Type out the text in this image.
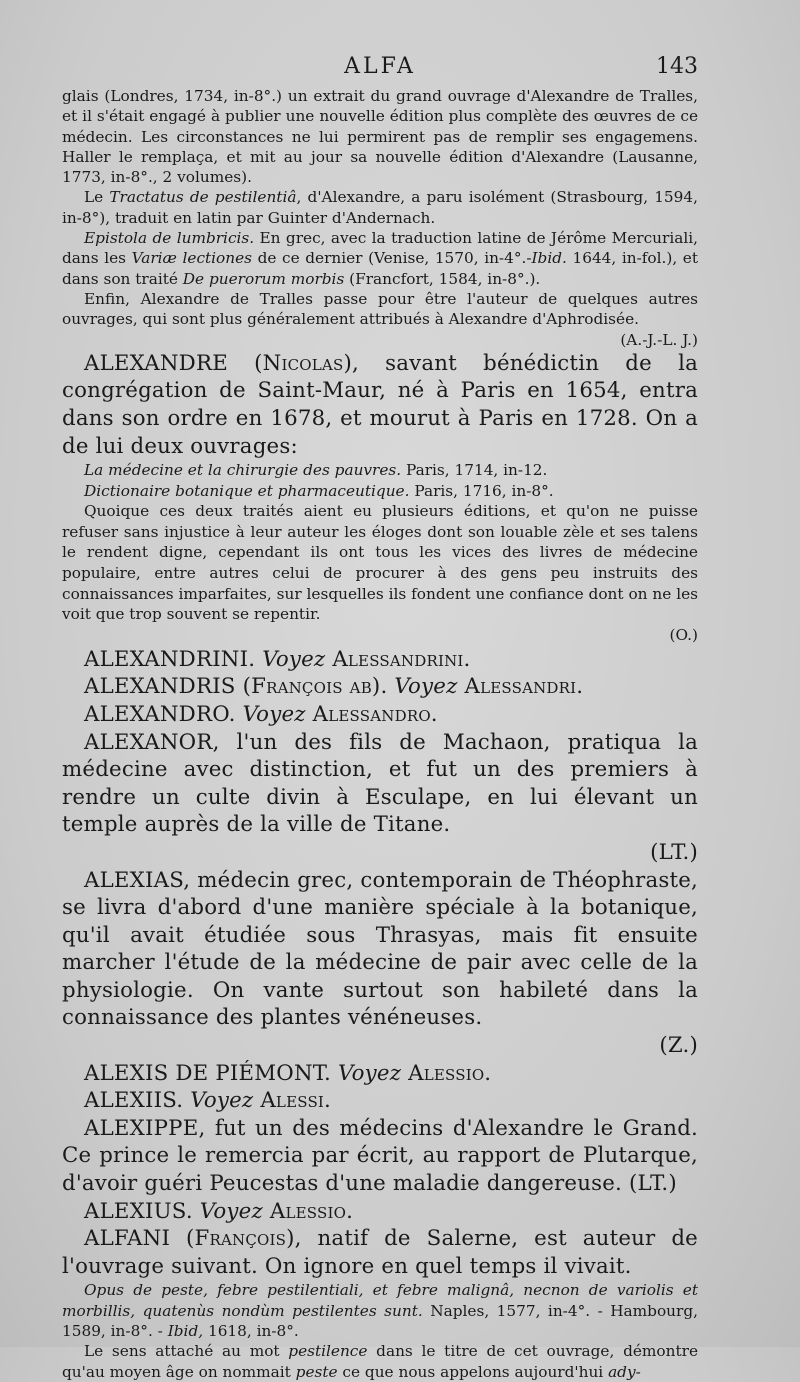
ALFA	143

glais (Londres, 1734, in-8°.) un extrait du grand ouvrage d'Alexandre de Tralles, et il s'était engagé à publier une nouvelle édition plus complète des œuvres de ce médecin. Les circonstances ne lui permirent pas de remplir ses engagemens. Haller le remplaça, et mit au jour sa nouvelle édition d'Alexandre (Lausanne, 1773, in-8°., 2 volumes).

Le Tractatus de pestilentiâ, d'Alexandre, a paru isolément (Strasbourg, 1594, in-8°), traduit en latin par Guinter d'Andernach.

Epistola de lumbricis. En grec, avec la traduction latine de Jérôme Mercuriali, dans les Variæ lectiones de ce dernier (Venise, 1570, in-4°.-Ibid. 1644, in-fol.), et dans son traité De puerorum morbis (Francfort, 1584, in-8°.).

Enfin, Alexandre de Tralles passe pour être l'auteur de quelques autres ouvrages, qui sont plus généralement attribués à Alexandre d'Aphrodisée.

(A.-J.-L. J.)

ALEXANDRE (Nicolas), savant bénédictin de la congrégation de Saint-Maur, né à Paris en 1654, entra dans son ordre en 1678, et mourut à Paris en 1728. On a de lui deux ouvrages:

La médecine et la chirurgie des pauvres. Paris, 1714, in-12.

Dictionaire botanique et pharmaceutique. Paris, 1716, in-8°.

Quoique ces deux traités aient eu plusieurs éditions, et qu'on ne puisse refuser sans injustice à leur auteur les éloges dont son louable zèle et ses talens le rendent digne, cependant ils ont tous les vices des livres de médecine populaire, entre autres celui de procurer à des gens peu instruits des connaissances imparfaites, sur lesquelles ils fondent une confiance dont on ne les voit que trop souvent se repentir.
(O.)

ALEXANDRINI. Voyez Alessandrini.

ALEXANDRIS (François ab). Voyez Alessandri.

ALEXANDRO. Voyez Alessandro.

ALEXANOR, l'un des fils de Machaon, pratiqua la médecine avec distinction, et fut un des premiers à rendre un culte divin à Esculape, en lui élevant un temple auprès de la ville de Titane.
(LT.)

ALEXIAS, médecin grec, contemporain de Théophraste, se livra d'abord d'une manière spéciale à la botanique, qu'il avait étudiée sous Thrasyas, mais fit ensuite marcher l'étude de la médecine de pair avec celle de la physiologie. On vante surtout son habileté dans la connaissance des plantes vénéneuses.
(Z.)

ALEXIS DE PIÉMONT. Voyez Alessio.

ALEXIIS. Voyez Alessi.

ALEXIPPE, fut un des médecins d'Alexandre le Grand. Ce prince le remercia par écrit, au rapport de Plutarque, d'avoir guéri Peucestas d'une maladie dangereuse. (LT.)

ALEXIUS. Voyez Alessio.

ALFANI (François), natif de Salerne, est auteur de l'ouvrage suivant. On ignore en quel temps il vivait.

Opus de peste, febre pestilentiali, et febre malignâ, necnon de variolis et morbillis, quatenùs nondùm pestilentes sunt. Naples, 1577, in-4°. - Hambourg, 1589, in-8°. - Ibid, 1618, in-8°.

Le sens attaché au mot pestilence dans le titre de cet ouvrage, démontre qu'au moyen âge on nommait peste ce que nous appelons aujourd'hui ady-
